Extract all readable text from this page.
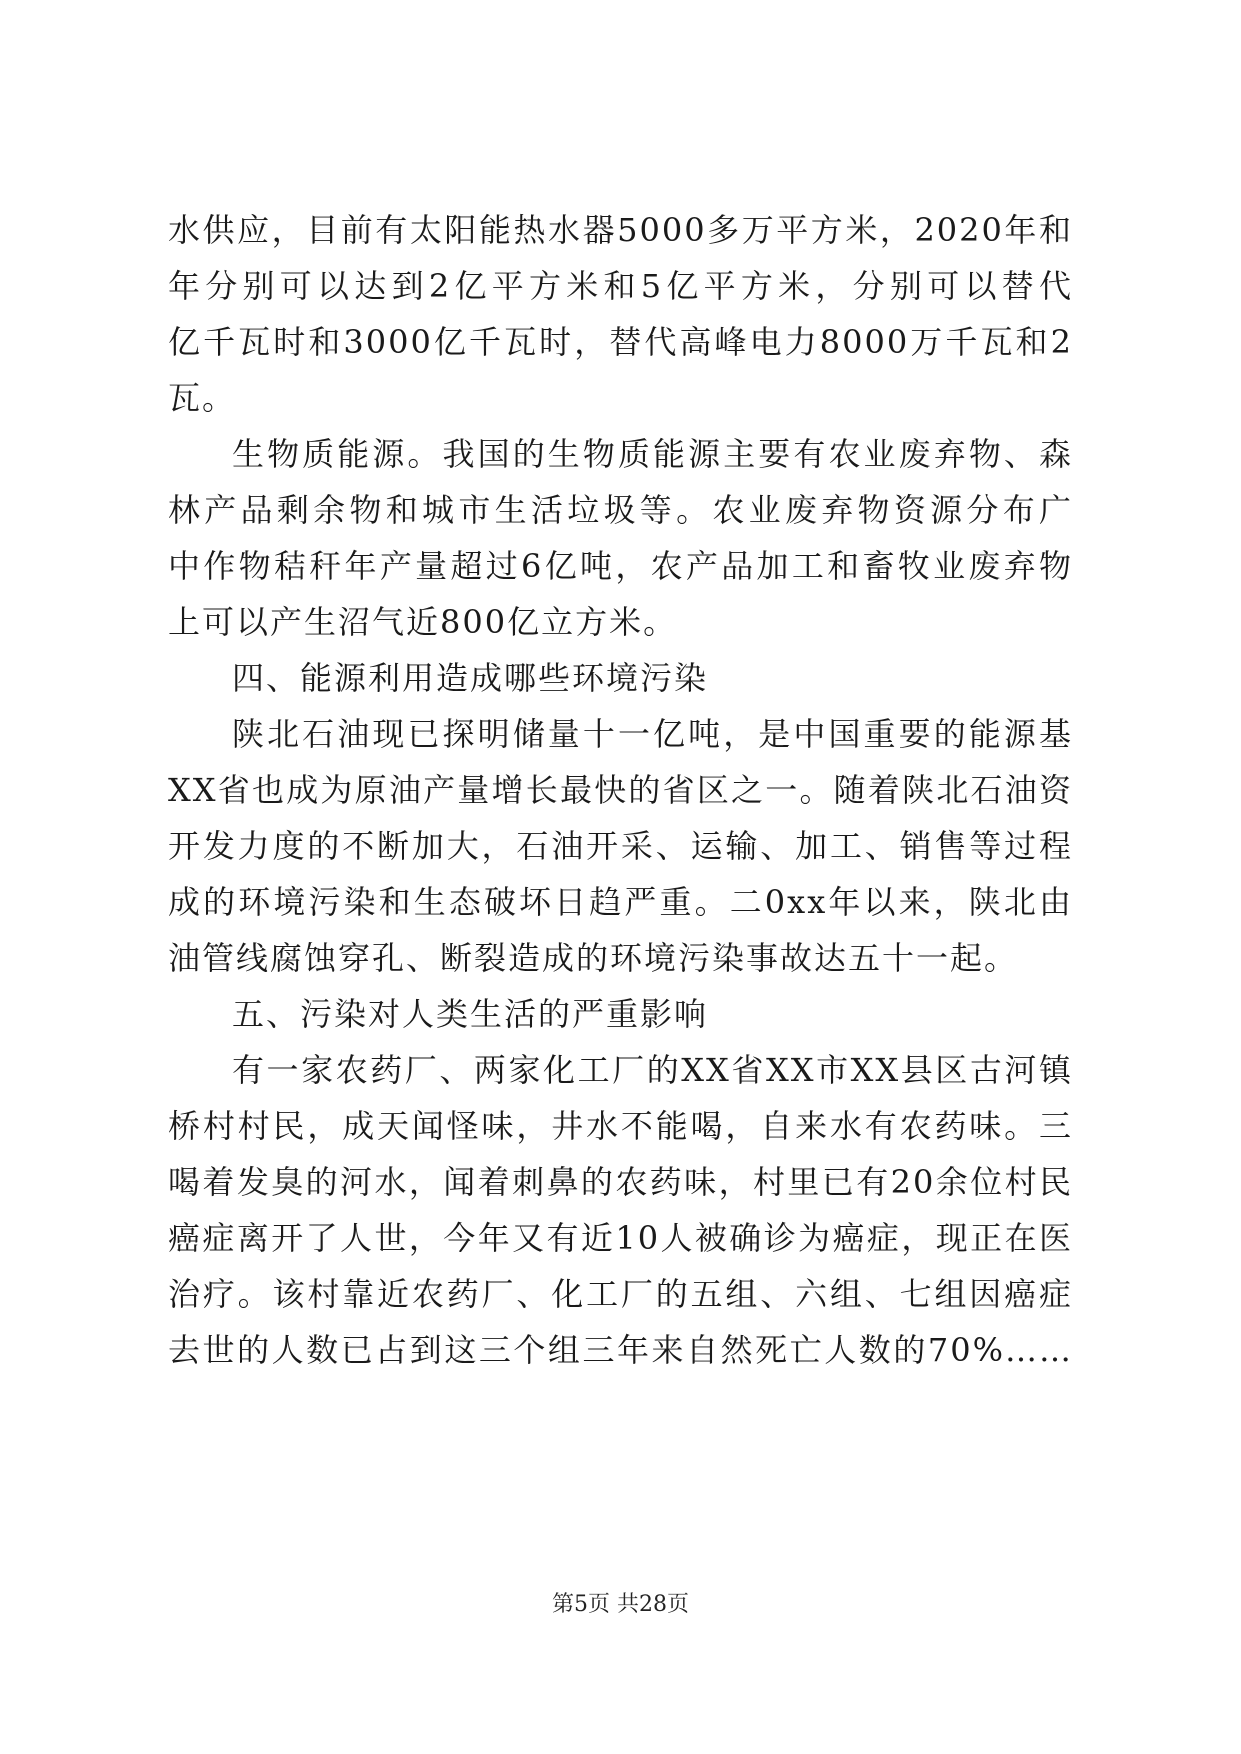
水供应，目前有太阳能热水器5000多万平方米，2020年和
年分别可以达到2亿平方米和5亿平方米，分别可以替代
亿千瓦时和3000亿千瓦时，替代高峰电力8000万千瓦和2
瓦。
生物质能源。我国的生物质能源主要有农业废弃物、森
林产品剩余物和城市生活垃圾等。农业废弃物资源分布广
中作物秸秆年产量超过6亿吨，农产品加工和畜牧业废弃物
上可以产生沼气近800亿立方米。
四、能源利用造成哪些环境污染
陕北石油现已探明储量十一亿吨，是中国重要的能源基
XX省也成为原油产量增长最快的省区之一。随着陕北石油资
开发力度的不断加大，石油开采、运输、加工、销售等过程
成的环境污染和生态破坏日趋严重。二0xx年以来，陕北由
油管线腐蚀穿孔、断裂造成的环境污染事故达五十一起。
五、污染对人类生活的严重影响
有一家农药厂、两家化工厂的XX省XX市XX县区古河镇
桥村村民，成天闻怪味，井水不能喝，自来水有农药味。三
喝着发臭的河水，闻着刺鼻的农药味，村里已有20余位村民
癌症离开了人世，今年又有近10人被确诊为癌症，现正在医
治疗。该村靠近农药厂、化工厂的五组、六组、七组因癌症
去世的人数已占到这三个组三年来自然死亡人数的70%……
第5页 共28页
